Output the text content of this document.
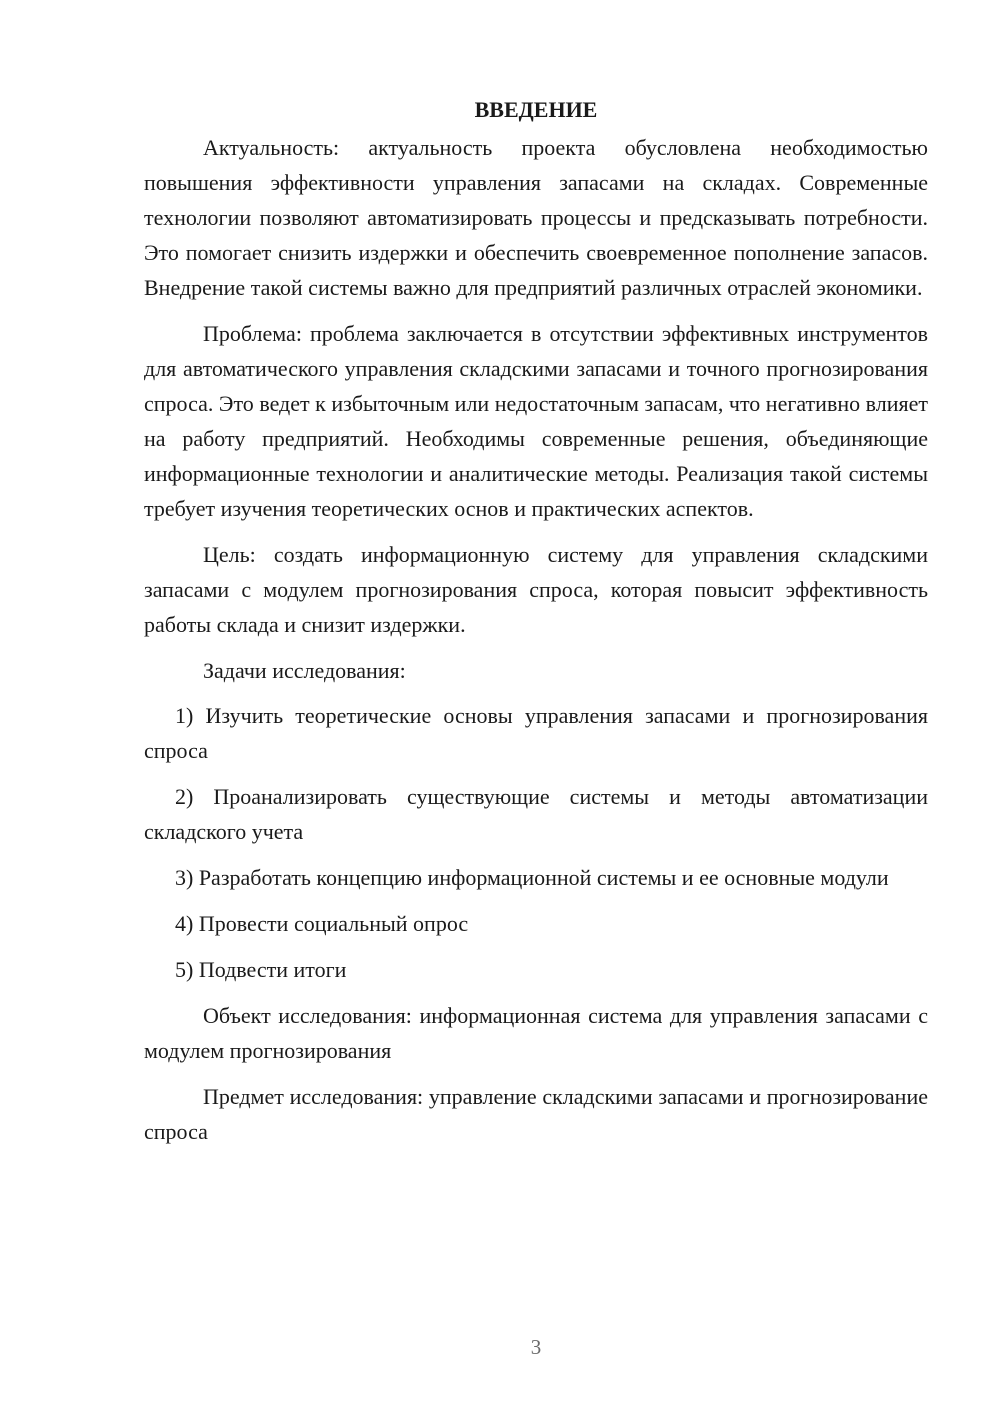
ВВЕДЕНИЕ

Актуальность: актуальность проекта обусловлена необходимостью повышения эффективности управления запасами на складах. Современные технологии позволяют автоматизировать процессы и предсказывать потребности. Это помогает снизить издержки и обеспечить своевременное пополнение запасов. Внедрение такой системы важно для предприятий различных отраслей экономики.

Проблема: проблема заключается в отсутствии эффективных инструментов для автоматического управления складскими запасами и точного прогнозирования спроса. Это ведет к избыточным или недостаточным запасам, что негативно влияет на работу предприятий. Необходимы современные решения, объединяющие информационные технологии и аналитические методы. Реализация такой системы требует изучения теоретических основ и практических аспектов.

Цель: создать информационную систему для управления складскими запасами с модулем прогнозирования спроса, которая повысит эффективность работы склада и снизит издержки.

Задачи исследования:

1) Изучить теоретические основы управления запасами и прогнозирования спроса

2) Проанализировать существующие системы и методы автоматизации складского учета

3) Разработать концепцию информационной системы и ее основные модули

4) Провести социальный опрос

5) Подвести итоги

Объект исследования: информационная система для управления запасами с модулем прогнозирования

Предмет исследования: управление складскими запасами и прогнозирование спроса

3
